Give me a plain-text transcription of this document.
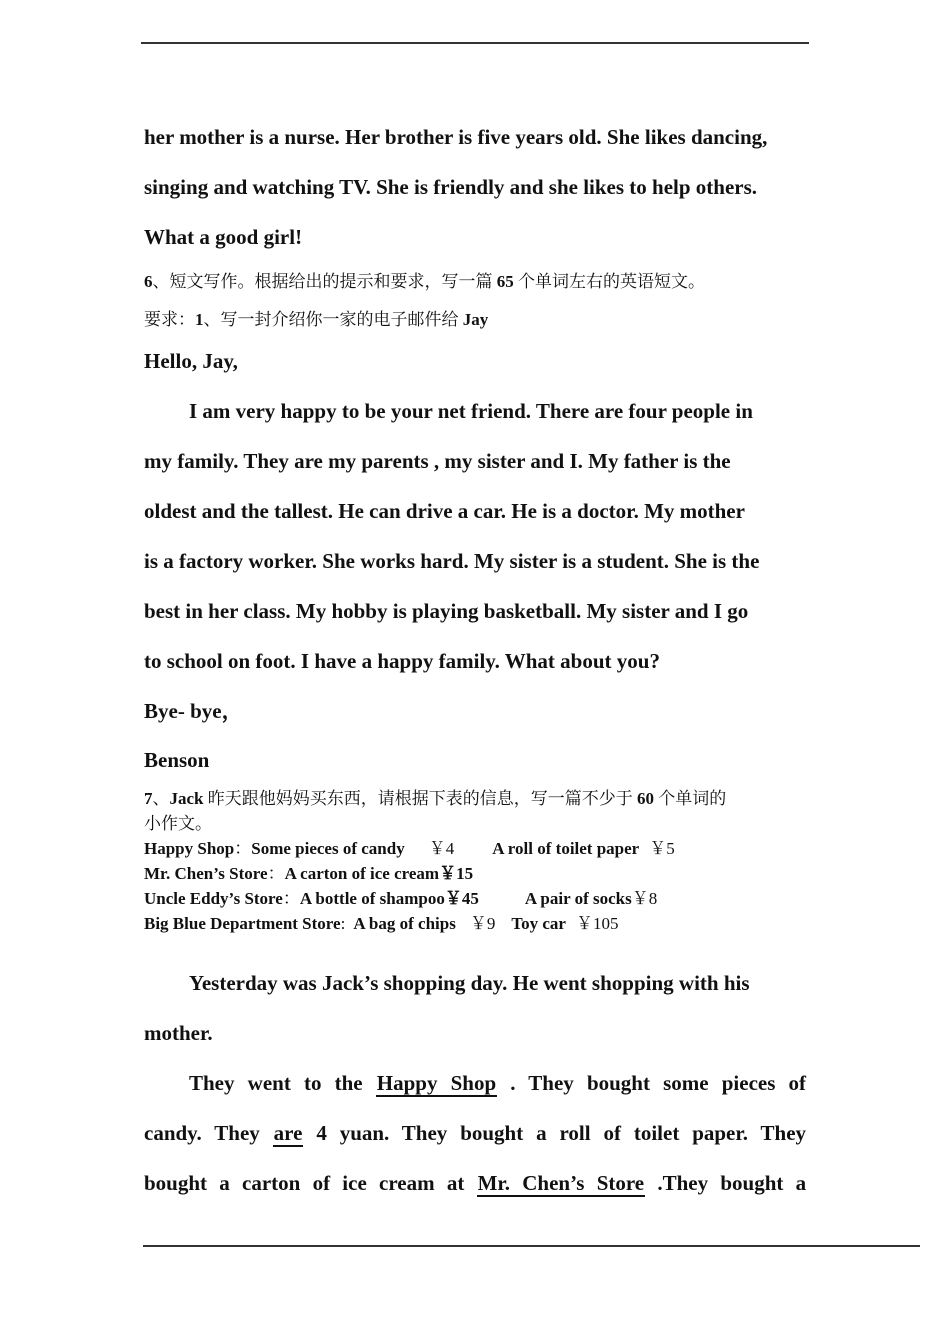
her mother is a nurse. Her brother is five years old. She likes dancing,
singing and watching TV. She is friendly and she likes to help others.
What a good girl!
6、短文写作。根据给出的提示和要求，写一篇 65 个单词左右的英语短文。
要求：1、写一封介绍你一家的电子邮件给 Jay
Hello, Jay,
I am very happy to be your net friend. There are four people in
my family. They are my parents , my sister and I. My father is the
oldest and the tallest. He can drive a car. He is a doctor. My mother
is a factory worker. She works hard. My sister is a student. She is the
best in her class. My hobby is playing basketball. My sister and I go
to school on foot. I have a happy family. What about you?
Bye- bye，
Benson
7、Jack 昨天跟他妈妈买东西，请根据下表的信息，写一篇不少于 60 个单词的
小作文。
Happy Shop：Some pieces of candy ￥4 A roll of toilet paper ￥5
Mr. Chen’s Store：A carton of ice cream￥15
Uncle Eddy’s Store：A bottle of shampoo￥45	A pair of socks￥8
Big Blue Department Store: A bag of chips ￥9 Toy car ￥105
Yesterday was Jack’s shopping day. He went shopping with his
mother.
They went to the Happy Shop . They bought some pieces of
candy. They are 4 yuan. They bought a roll of toilet paper. They
bought a carton of ice cream at Mr. Chen’s Store .They bought a
